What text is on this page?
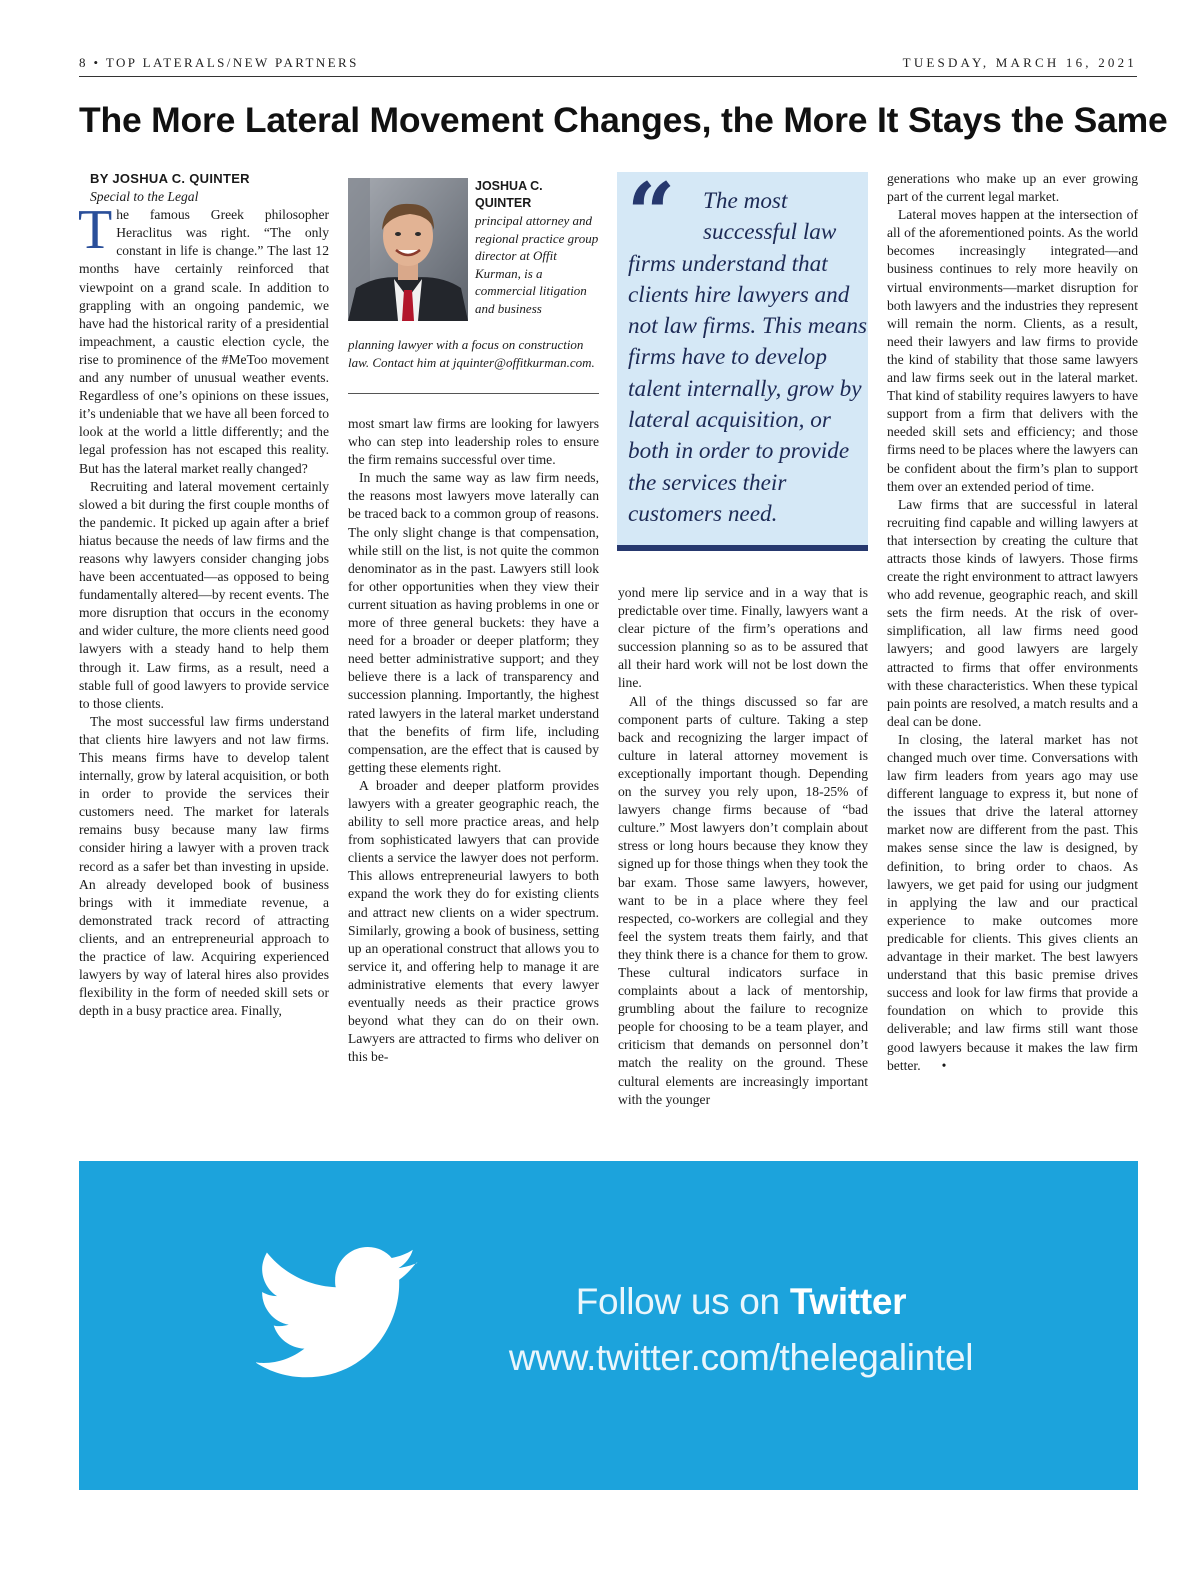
8 • TOP LATERALS/NEW PARTNERS	TUESDAY, MARCH 16, 2021
The More Lateral Movement Changes, the More It Stays the Same

BY JOSHUA C. QUINTER

Special to the Legal

The famous Greek philosopher Heraclitus was right. “The only constant in life is change.” The last 12 months have certainly reinforced that viewpoint on a grand scale. In addition to grappling with an ongoing pandemic, we have had the historical rarity of a presidential impeachment, a caustic election cycle, the rise to prominence of the #MeToo movement and any number of unusual weather events. Regardless of one’s opinions on these issues, it’s undeniable that we have all been forced to look at the world a little differently; and the legal profession has not escaped this reality. But has the lateral market really changed?

Recruiting and lateral movement certainly slowed a bit during the first couple months of the pandemic. It picked up again after a brief hiatus because the needs of law firms and the reasons why lawyers consider changing jobs have been accentuated—as opposed to being fundamentally altered—by recent events. The more disruption that occurs in the economy and wider culture, the more clients need good lawyers with a steady hand to help them through it. Law firms, as a result, need a stable full of good lawyers to provide service to those clients.

The most successful law firms understand that clients hire lawyers and not law firms. This means firms have to develop talent internally, grow by lateral acquisition, or both in order to provide the services their customers need. The market for laterals remains busy because many law firms consider hiring a lawyer with a proven track record as a safer bet than investing in upside. An already developed book of business brings with it immediate revenue, a demonstrated track record of attracting clients, and an entrepreneurial approach to the practice of law. Acquiring experienced lawyers by way of lateral hires also provides flexibility in the form of needed skill sets or depth in a busy practice area. Finally,

JOSHUA C. QUINTER
principal attorney and regional practice group director at Offit Kurman, is a commercial litigation and business
planning lawyer with a focus on construction law. Contact him at jquinter@offitkurman.com.

most smart law firms are looking for lawyers who can step into leadership roles to ensure the firm remains successful over time.

In much the same way as law firm needs, the reasons most lawyers move laterally can be traced back to a common group of reasons. The only slight change is that compensation, while still on the list, is not quite the common denominator as in the past. Lawyers still look for other opportunities when they view their current situation as having problems in one or more of three general buckets: they have a need for a broader or deeper platform; they need better administrative support; and they believe there is a lack of transparency and succession planning. Importantly, the highest rated lawyers in the lateral market understand that the benefits of firm life, including compensation, are the effect that is caused by getting these elements right.

A broader and deeper platform provides lawyers with a greater geographic reach, the ability to sell more practice areas, and help from sophisticated lawyers that can provide clients a service the lawyer does not perform. This allows entrepreneurial lawyers to both expand the work they do for existing clients and attract new clients on a wider spectrum. Similarly, growing a book of business, setting up an operational construct that allows you to service it, and offering help to manage it are administrative elements that every lawyer eventually needs as their practice grows beyond what they can do on their own. Lawyers are attracted to firms who deliver on this be-

“	The most
successful law
firms understand that clients hire lawyers and not law firms. This means firms have to develop talent internally, grow by lateral acquisition, or both in order to provide the services their customers need.

yond mere lip service and in a way that is predictable over time. Finally, lawyers want a clear picture of the firm’s operations and succession planning so as to be assured that all their hard work will not be lost down the line.

All of the things discussed so far are component parts of culture. Taking a step back and recognizing the larger impact of culture in lateral attorney movement is exceptionally important though. Depending on the survey you rely upon, 18-25% of lawyers change firms because of “bad culture.” Most lawyers don’t complain about stress or long hours because they know they signed up for those things when they took the bar exam. Those same lawyers, however, want to be in a place where they feel respected, co-workers are collegial and they feel the system treats them fairly, and that they think there is a chance for them to grow. These cultural indicators surface in complaints about a lack of mentorship, grumbling about the failure to recognize people for choosing to be a team player, and criticism that demands on personnel don’t match the reality on the ground. These cultural elements are increasingly important with the younger

generations who make up an ever growing part of the current legal market.

Lateral moves happen at the intersection of all of the aforementioned points. As the world becomes increasingly integrated—and business continues to rely more heavily on virtual environments—market disruption for both lawyers and the industries they represent will remain the norm. Clients, as a result, need their lawyers and law firms to provide the kind of stability that those same lawyers and law firms seek out in the lateral market. That kind of stability requires lawyers to have support from a firm that delivers with the needed skill sets and efficiency; and those firms need to be places where the lawyers can be confident about the firm’s plan to support them over an extended period of time.

Law firms that are successful in lateral recruiting find capable and willing lawyers at that intersection by creating the culture that attracts those kinds of lawyers. Those firms create the right environment to attract lawyers who add revenue, geographic reach, and skill sets the firm needs. At the risk of over-simplification, all law firms need good lawyers; and good lawyers are largely attracted to firms that offer environments with these characteristics. When these typical pain points are resolved, a match results and a deal can be done.

In closing, the lateral market has not changed much over time. Conversations with law firm leaders from years ago may use different language to express it, but none of the issues that drive the lateral attorney market now are different from the past. This makes sense since the law is designed, by definition, to bring order to chaos. As lawyers, we get paid for using our judgment in applying the law and our practical experience to make outcomes more predicable for clients. This gives clients an advantage in their market. The best lawyers understand that this basic premise drives success and look for law firms that provide a foundation on which to provide this deliverable; and law firms still want those good lawyers because it makes the law firm better. •

Follow us on Twitter
www.twitter.com/thelegalintel
